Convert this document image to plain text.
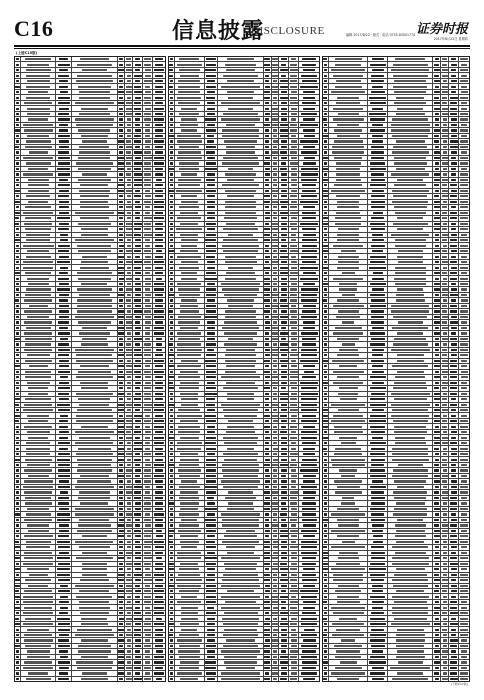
C16	信息披露
DISCLOSURE	编辑 2017/6/22 · 版式 · 电话 0755-83501774 证券时报
2017年6月22日 星期四
(上接C15版)
(下转C17版)
